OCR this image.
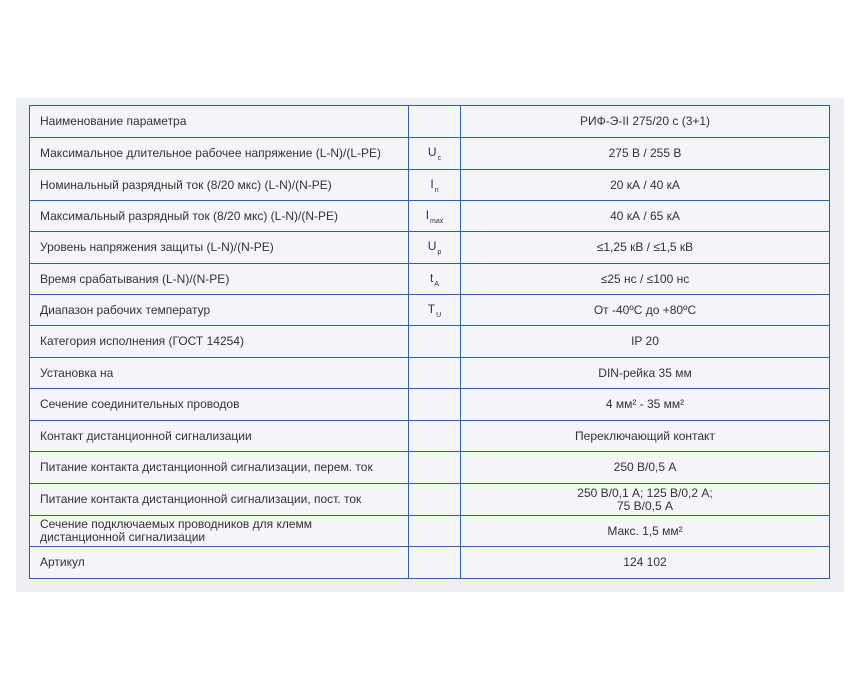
Наименование параметра		РИФ-Э-II 275/20 с (3+1)
Максимальное длительное рабочее напряжение (L-N)/(L-PE)	$U_c$	275 В / 255 В
Номинальный разрядный ток (8/20 мкс) (L-N)/(N-PE)	$I_n$	20 кА / 40 кА
Максимальный разрядный ток (8/20 мкс) (L-N)/(N-PE)	$I_{max}$	40 кА / 65 кА
Уровень напряжения защиты (L-N)/(N-PE)	$U_p$	≤1,25 кВ / ≤1,5 кВ
Время срабатывания (L-N)/(N-PE)	$t_A$	≤25 нс / ≤100 нс
Диапазон рабочих температур	$T_U$	От -40ºС до +80ºС
Категория исполнения (ГОСТ 14254)		IP 20
Установка на		DIN-рейка 35 мм
Сечение соединительных проводов		4 мм² - 35 мм²
Контакт дистанционной сигнализации		Переключающий контакт
Питание контакта дистанционной сигнализации, перем. ток		250 В/0,5 А
Питание контакта дистанционной сигнализации, пост. ток		250 В/0,1 А; 125 В/0,2 А;
75 В/0,5 А
Сечение подключаемых проводников для клемм
дистанционной сигнализации		Макс. 1,5 мм²
Артикул		124 102
